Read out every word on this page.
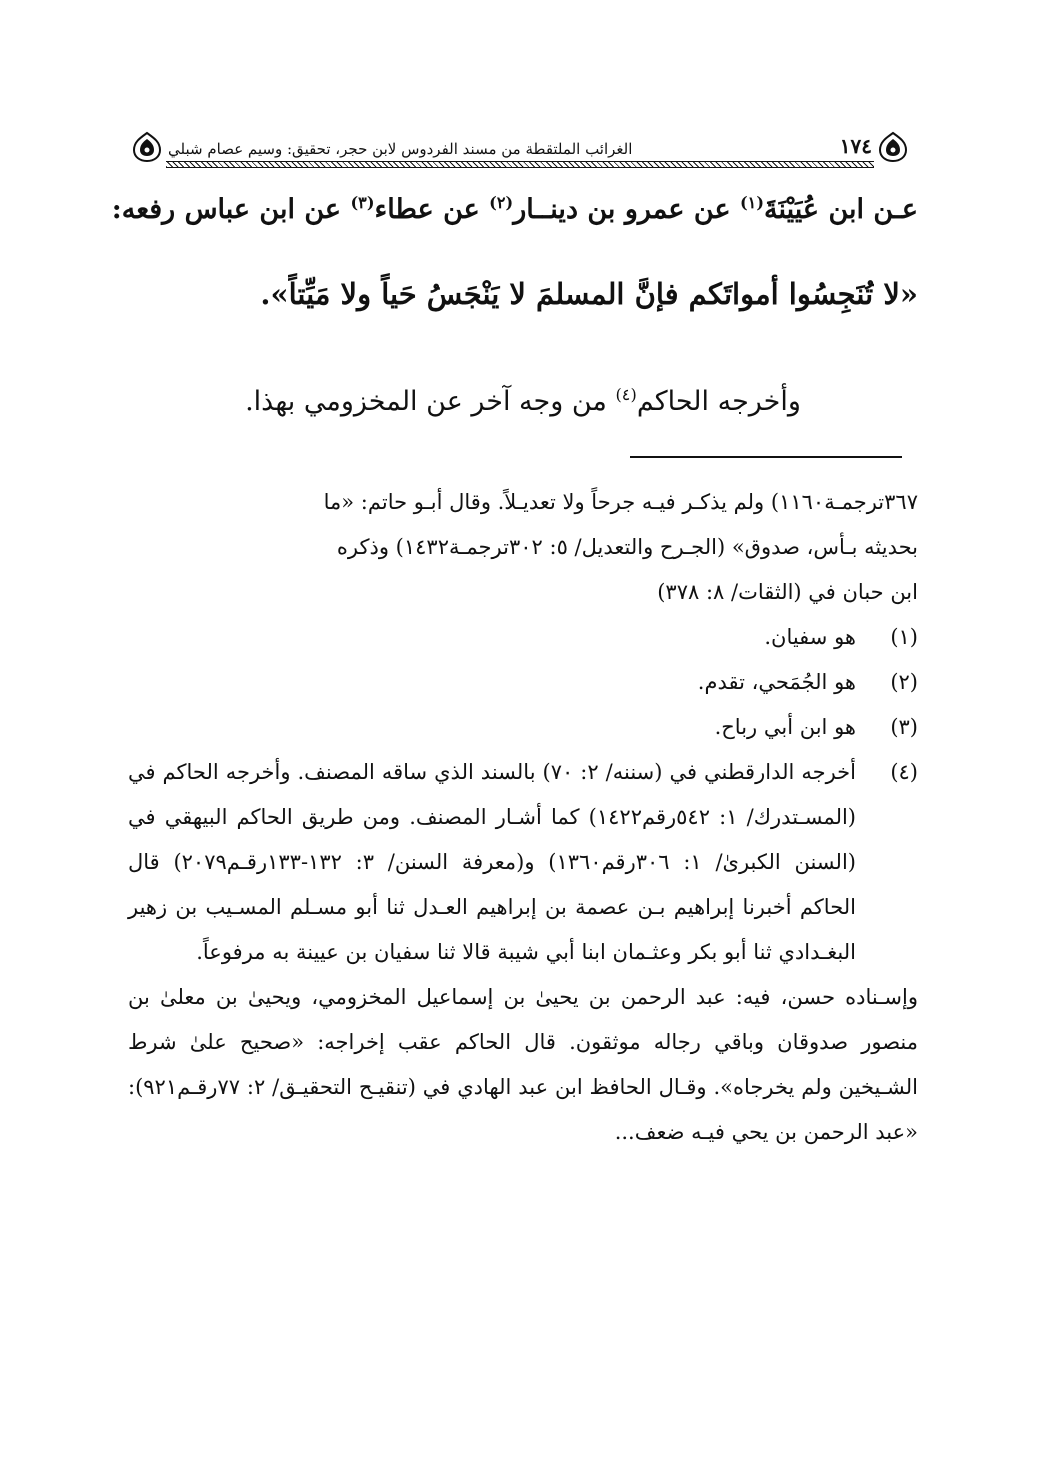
١٧٤
الغرائب الملتقطة من مسند الفردوس لابن حجر، تحقيق: وسيم عصام شبلي
عـن ابن عُيَيْنَةَ$^{(١)}$ عن عمرو بن دينــار$^{(٢)}$ عن عطاء$^{(٣)}$ عن ابن عباس رفعه:
«لا تُنَجِسُوا أمواتَكم فإنَّ المسلمَ لا يَنْجَسُ حَياً ولا مَيِّتاً».
وأخرجه الحاكم$^{(٤)}$ من وجه آخر عن المخزومي بهذا.

٣٦٧ترجمـة١١٦٠) ولم يذكـر فيـه جرحاً ولا تعديـلاً. وقال أبـو حاتم: «ما

بحديثه بـأس، صدوق» (الجـرح والتعديل/ ٥: ٣٠٢ترجمـة١٤٣٢) وذكره

ابن حبان في (الثقات/ ٨: ٣٧٨)

(١)
هو سفيان.
(٢)
هو الجُمَحي، تقدم.
(٣)
هو ابن أبي رباح.
(٤)
أخرجه الدارقطني في (سننه/ ٢: ٧٠) بالسند الذي ساقه المصنف. وأخرجه الحاكم في (المسـتدرك/ ١: ٥٤٢رقم١٤٢٢) كما أشـار المصنف. ومن طريق الحاكم البيهقي في (السنن الكبرىٰ/ ١: ٣٠٦رقم١٣٦٠) و(معرفة السنن/ ٣: ١٣٢-١٣٣رقـم٢٠٧٩) قال الحاكم أخبرنا إبراهيم بـن عصمة بن إبراهيم العـدل ثنا أبو مسـلم المسـيب بن زهير البغـدادي ثنا أبو بكر وعثـمان ابنا أبي شيبة قالا ثنا سفيان بن عيينة به مرفوعاً.

وإسـناده حسن، فيه: عبد الرحمن بن يحيىٰ بن إسماعيل المخزومي، ويحيىٰ بن معلىٰ بن منصور صدوقان وباقي رجاله موثقون. قال الحاكم عقب إخراجه: «صحيح علىٰ شرط الشـيخين ولم يخرجاه». وقـال الحافظ ابن عبد الهادي في (تنقيـح التحقيـق/ ٢: ٧٧رقـم٩٢١): «عبد الرحمن بن يحي فيـه ضعف...
